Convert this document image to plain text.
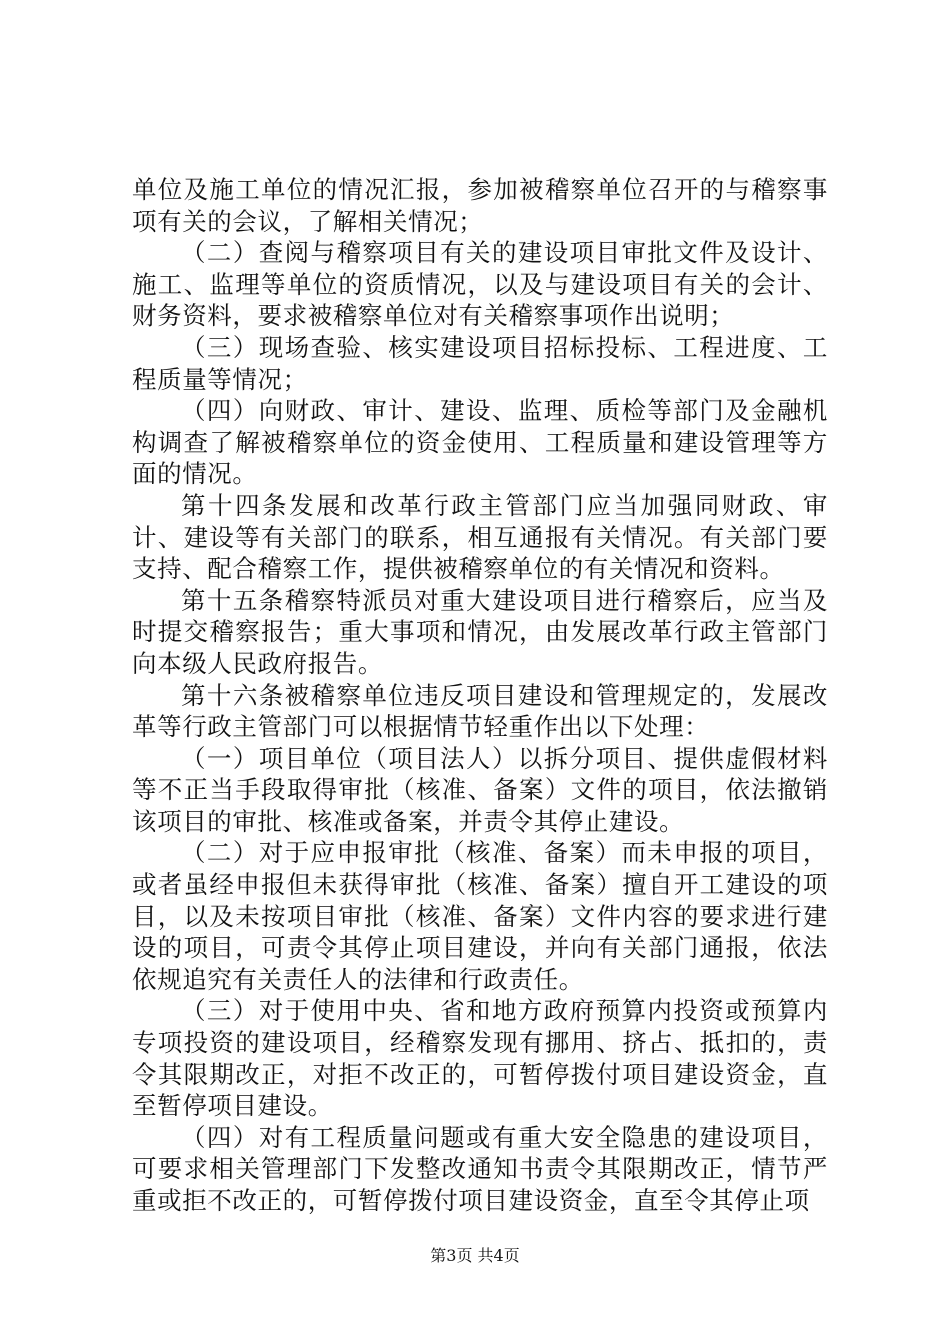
单位及施工单位的情况汇报，参加被稽察单位召开的与稽察事项有关的会议，了解相关情况；

（二）查阅与稽察项目有关的建设项目审批文件及设计、施工、监理等单位的资质情况，以及与建设项目有关的会计、财务资料，要求被稽察单位对有关稽察事项作出说明；

（三）现场查验、核实建设项目招标投标、工程进度、工程质量等情况；

（四）向财政、审计、建设、监理、质检等部门及金融机构调查了解被稽察单位的资金使用、工程质量和建设管理等方面的情况。

第十四条发展和改革行政主管部门应当加强同财政、审计、建设等有关部门的联系，相互通报有关情况。有关部门要支持、配合稽察工作，提供被稽察单位的有关情况和资料。

第十五条稽察特派员对重大建设项目进行稽察后，应当及时提交稽察报告；重大事项和情况，由发展改革行政主管部门向本级人民政府报告。

第十六条被稽察单位违反项目建设和管理规定的，发展改革等行政主管部门可以根据情节轻重作出以下处理：

（一）项目单位（项目法人）以拆分项目、提供虚假材料等不正当手段取得审批（核准、备案）文件的项目，依法撤销该项目的审批、核准或备案，并责令其停止建设。

（二）对于应申报审批（核准、备案）而未申报的项目，或者虽经申报但未获得审批（核准、备案）擅自开工建设的项目，以及未按项目审批（核准、备案）文件内容的要求进行建设的项目，可责令其停止项目建设，并向有关部门通报，依法依规追究有关责任人的法律和行政责任。

（三）对于使用中央、省和地方政府预算内投资或预算内专项投资的建设项目，经稽察发现有挪用、挤占、抵扣的，责令其限期改正，对拒不改正的，可暂停拨付项目建设资金，直至暂停项目建设。

（四）对有工程质量问题或有重大安全隐患的建设项目，可要求相关管理部门下发整改通知书责令其限期改正，情节严重或拒不改正的，可暂停拨付项目建设资金，直至令其停止项

第3页 共4页
